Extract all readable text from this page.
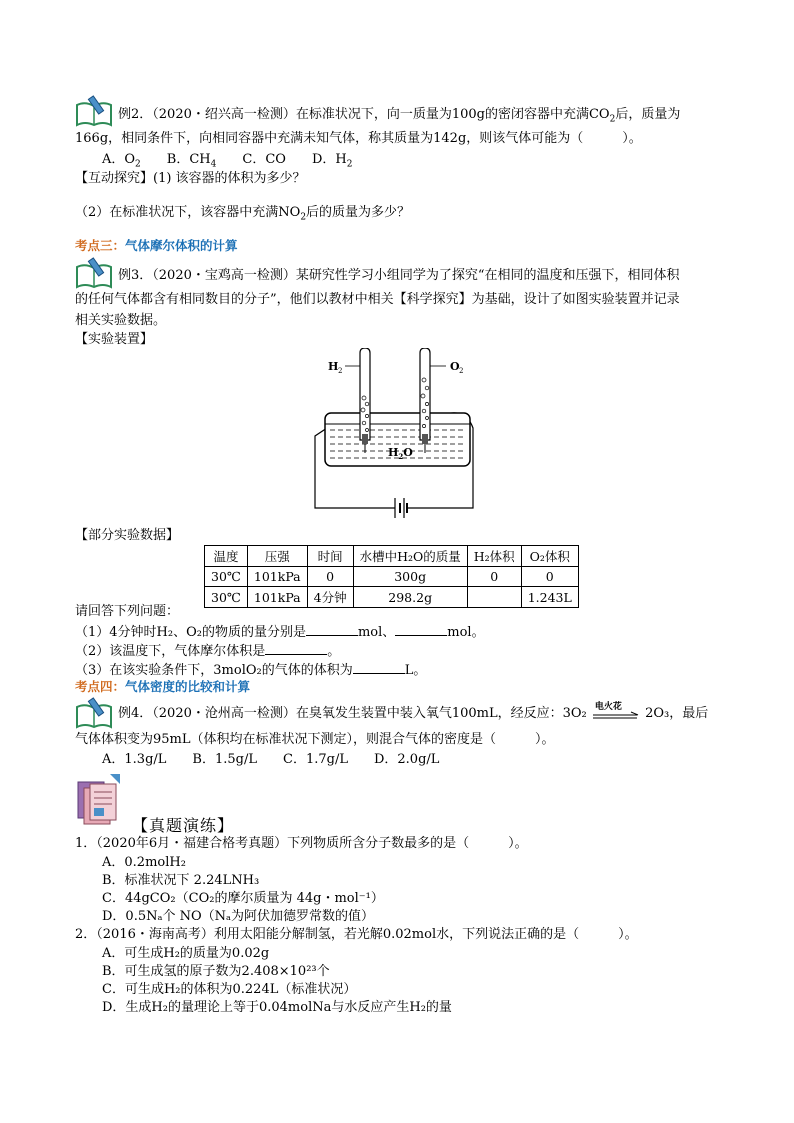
例2．（2020・绍兴高一检测）在标准状况下，向一质量为100g的密闭容器中充满$CO_2$后，质量为
166g，相同条件下，向相同容器中充满未知气体，称其质量为142g，则该气体可能为（　　　）。
A．$O_2$　　 B．$CH_4$　　 C．CO　　 D．$H_2$
【互动探究】(1) 该容器的体积为多少？
（2）在标准状况下，该容器中充满$NO_2$后的质量为多少？
考点三：气体摩尔体积的计算
例3．（2020・宝鸡高一检测）某研究性学习小组同学为了探究“在相同的温度和压强下，相同体积
的任何气体都含有相同数目的分子”，他们以教材中相关【科学探究】为基础，设计了如图实验装置并记录
相关实验数据。
【实验装置】
H 2	O 2
$H_2O$
【部分实验数据】
温度	压强	时间	水槽中H₂O的质量	H₂体积	O₂体积
30℃	101kPa	0	300g	0	0
30℃	101kPa	4分钟	298.2g		1.243L
请回答下列问题：
（1）4分钟时H₂、O₂的物质的量分别是	mol、	mol。
（2）该温度下，气体摩尔体积是	。
（3）在该实验条件下，3molO₂的气体的体积为	L。
考点四：气体密度的比较和计算
例4．（2020・沧州高一检测）在臭氧发生装置中装入氧气100mL，经反应：3O₂ 电火花 2O₃，最后
气体体积变为95mL（体积均在标准状况下测定），则混合气体的密度是（　　　）。
A．1.3g/L　　 B．1.5g/L　　 C．1.7g/L　　 D．2.0g/L
【真题演练】
1．（2020年6月・福建合格考真题）下列物质所含分子数最多的是（　　　）。
A．0.2molH₂
B．标准状况下 2.24LNH₃
C．44gCO₂（CO₂的摩尔质量为 44g・mol⁻¹）
D．0.5Nₐ个 NO（Nₐ为阿伏加德罗常数的值）
2．（2016・海南高考）利用太阳能分解制氢，若光解0.02mol水，下列说法正确的是（　　　）。
A．可生成H₂的质量为0.02g
B．可生成氢的原子数为2.408×10²³个
C．可生成H₂的体积为0.224L（标准状况）
D．生成H₂的量理论上等于0.04molNa与水反应产生H₂的量
